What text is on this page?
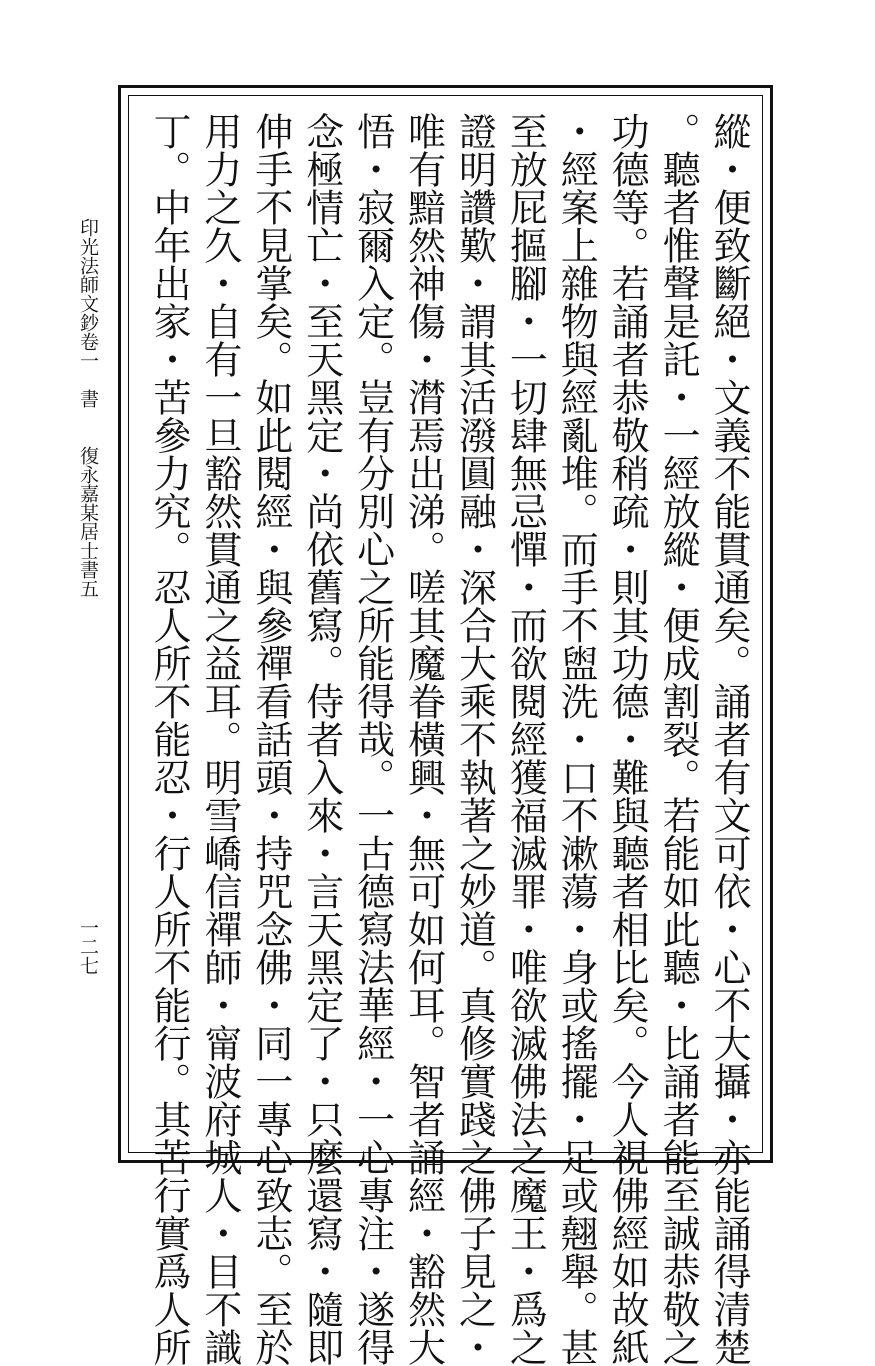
印光法師文鈔卷一　書　　復永嘉某居士書五
一二七	縱・便致斷絕・文義不能貫通矣。誦者有文可依・心不大攝・亦能誦得清楚
。聽者惟聲是託・一經放縱・便成割裂。若能如此聽・比誦者能至誠恭敬之
功德等。若誦者恭敬稍疏・則其功德・難與聽者相比矣。今人視佛經如故紙
・經案上雜物與經亂堆。而手不盥洗・口不漱蕩・身或搖擺・足或翹舉。甚
至放屁摳腳・一切肆無忌憚・而欲閱經獲福滅罪・唯欲滅佛法之魔王・爲之
證明讚歎・謂其活潑圓融・深合大乘不執著之妙道。真修實踐之佛子見之・
唯有黯然神傷・潸焉出涕。嗟其魔眷橫興・無可如何耳。智者誦經・豁然大
悟・寂爾入定。豈有分別心之所能得哉。一古德寫法華經・一心專注・遂得
念極情亡・至天黑定・尚依舊寫。侍者入來・言天黑定了・只麼還寫・隨即
伸手不見掌矣。如此閱經・與參禪看話頭・持咒念佛・同一專心致志。至於
用力之久・自有一旦豁然貫通之益耳。明雪嶠信禪師・甯波府城人・目不識
丁。中年出家・苦參力究。忍人所不能忍・行人所不能行。其苦行實爲人所
